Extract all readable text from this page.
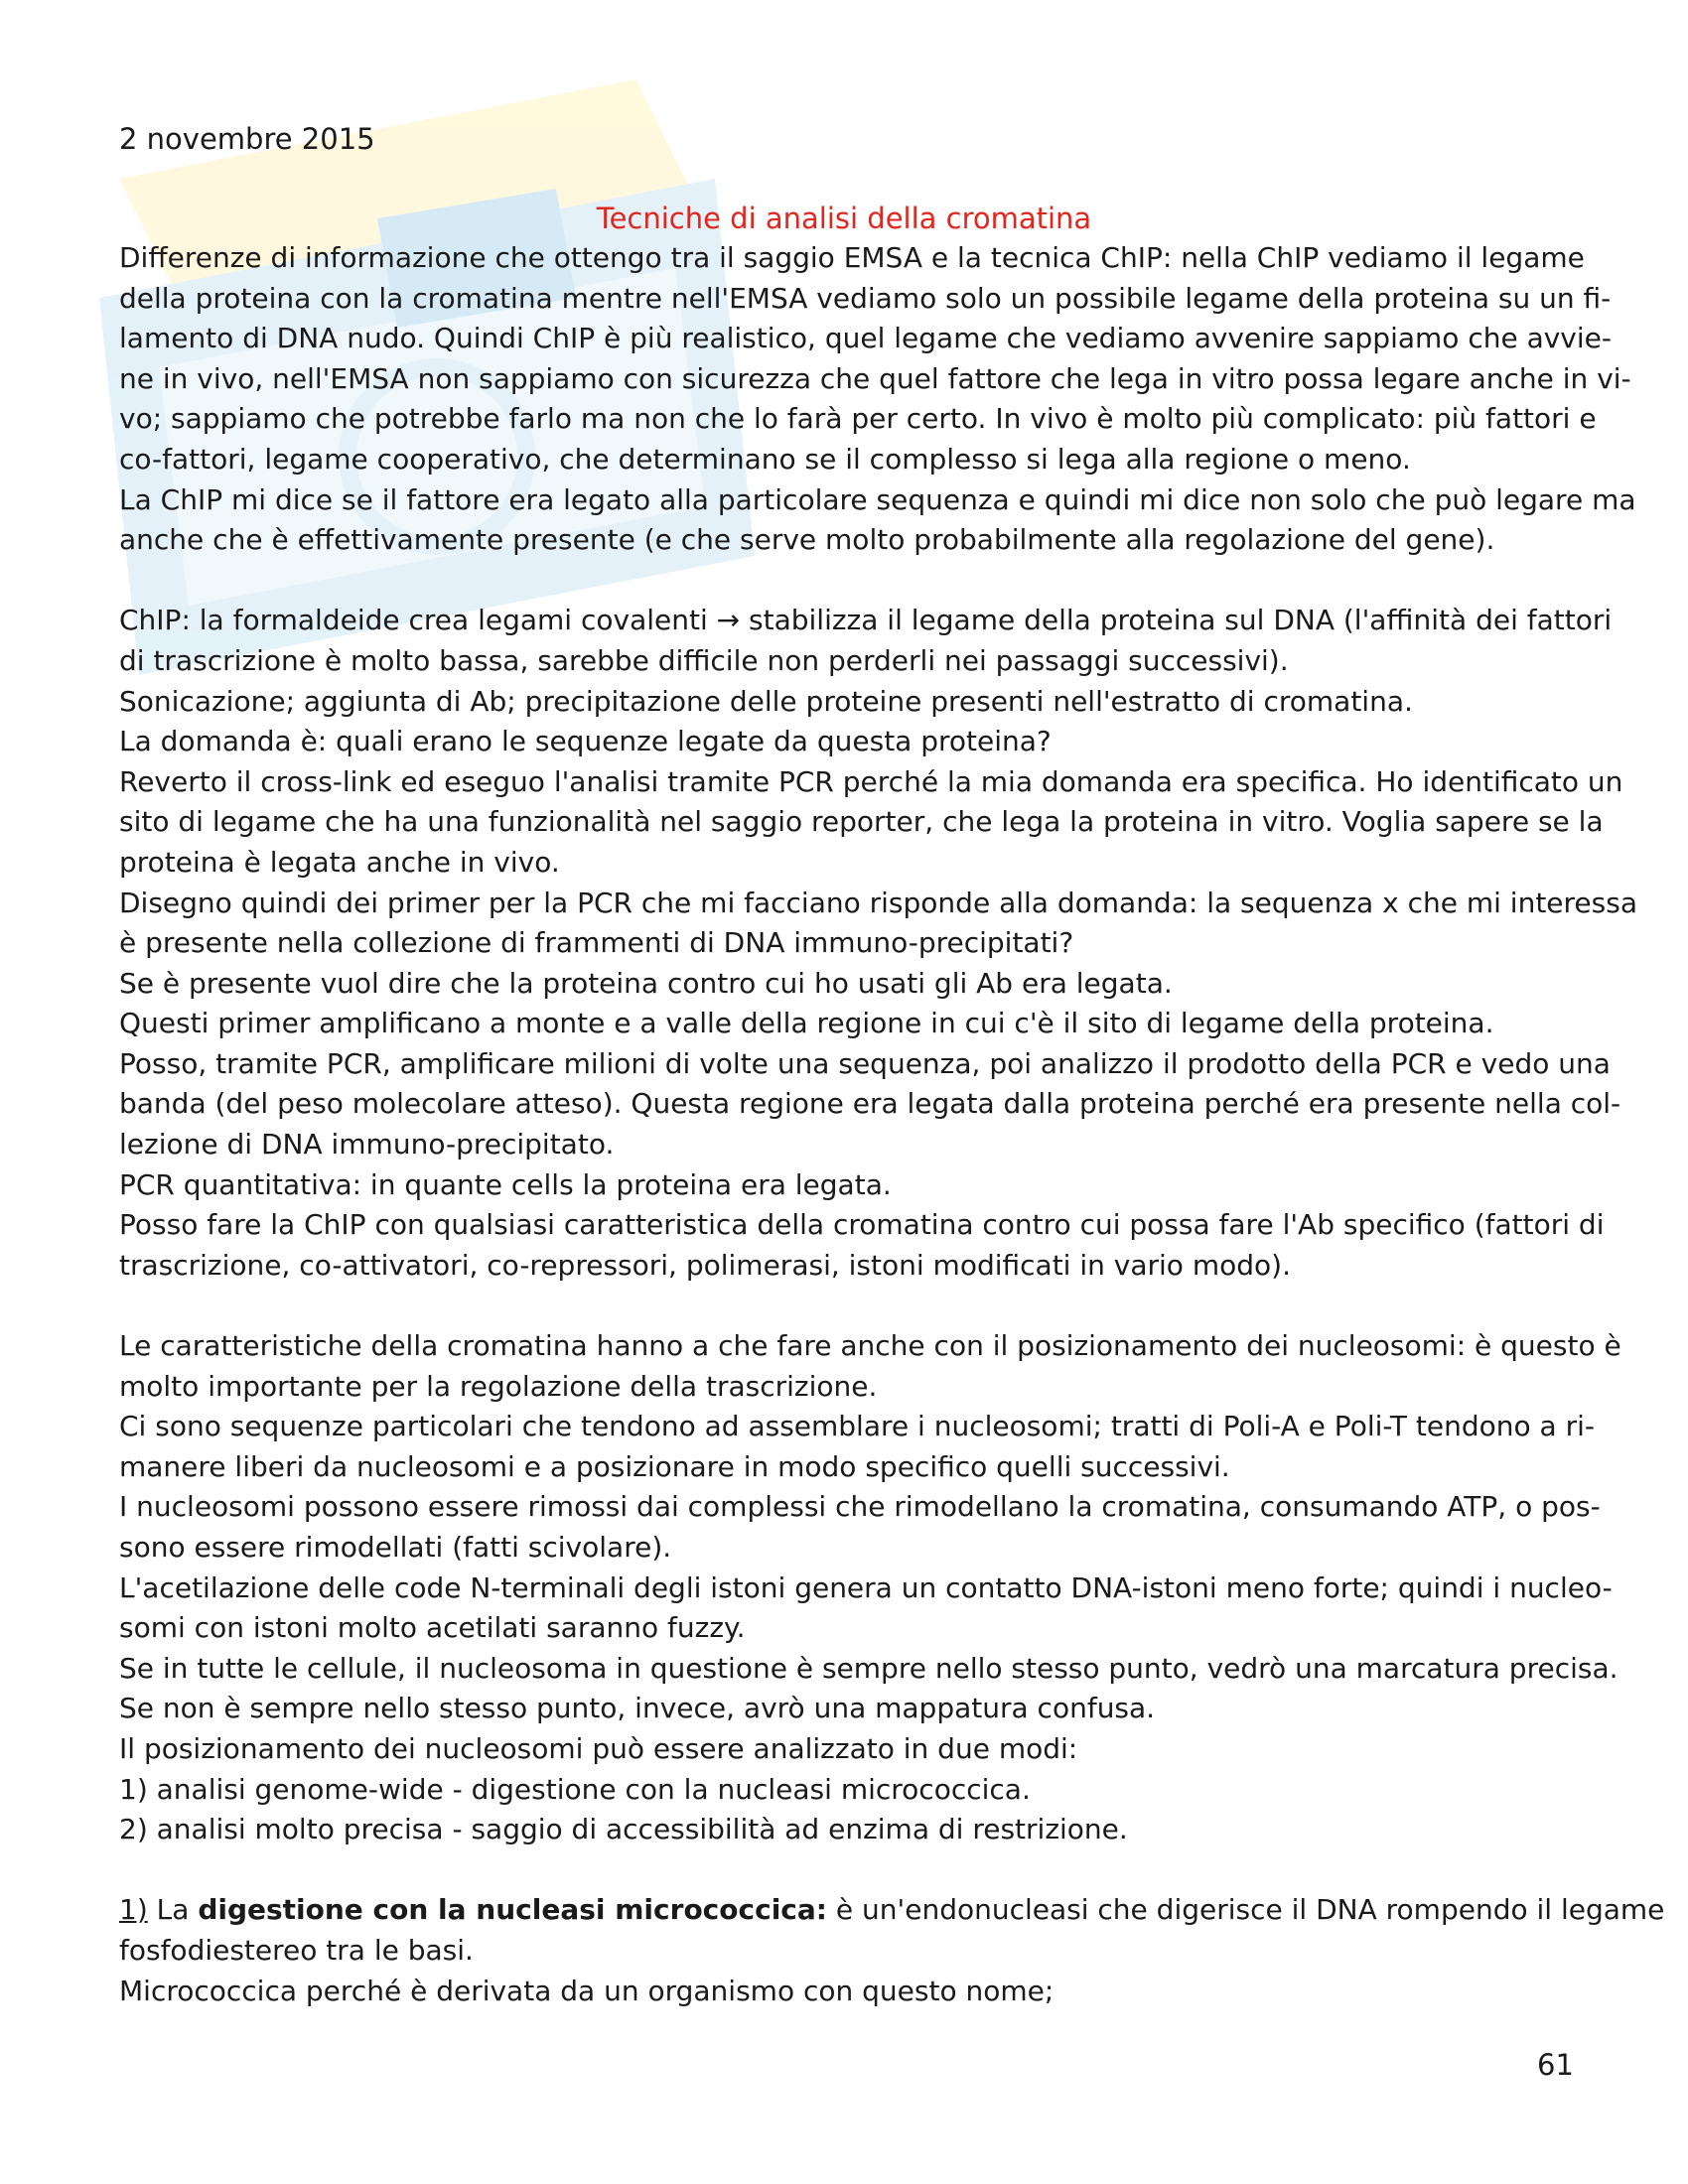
2 novembre 2015
Tecniche di analisi della cromatina
Differenze di informazione che ottengo tra il saggio EMSA e la tecnica ChIP: nella ChIP vediamo il legame
della proteina con la cromatina mentre nell'EMSA vediamo solo un possibile legame della proteina su un fi-
lamento di DNA nudo. Quindi ChIP è più realistico, quel legame che vediamo avvenire sappiamo che avvie-
ne in vivo, nell'EMSA non sappiamo con sicurezza che quel fattore che lega in vitro possa legare anche in vi-
vo; sappiamo che potrebbe farlo ma non che lo farà per certo. In vivo è molto più complicato: più fattori e
co-fattori, legame cooperativo, che determinano se il complesso si lega alla regione o meno.
La ChIP mi dice se il fattore era legato alla particolare sequenza e quindi mi dice non solo che può legare ma
anche che è effettivamente presente (e che serve molto probabilmente alla regolazione del gene).
ChIP: la formaldeide crea legami covalenti → stabilizza il legame della proteina sul DNA (l'affinità dei fattori
di trascrizione è molto bassa, sarebbe difficile non perderli nei passaggi successivi).
Sonicazione; aggiunta di Ab; precipitazione delle proteine presenti nell'estratto di cromatina.
La domanda è: quali erano le sequenze legate da questa proteina?
Reverto il cross-link ed eseguo l'analisi tramite PCR perché la mia domanda era specifica. Ho identificato un
sito di legame che ha una funzionalità nel saggio reporter, che lega la proteina in vitro. Voglia sapere se la
proteina è legata anche in vivo.
Disegno quindi dei primer per la PCR che mi facciano risponde alla domanda: la sequenza x che mi interessa
è presente nella collezione di frammenti di DNA immuno-precipitati?
Se è presente vuol dire che la proteina contro cui ho usati gli Ab era legata.
Questi primer amplificano a monte e a valle della regione in cui c'è il sito di legame della proteina.
Posso, tramite PCR, amplificare milioni di volte una sequenza, poi analizzo il prodotto della PCR e vedo una
banda (del peso molecolare atteso). Questa regione era legata dalla proteina perché era presente nella col-
lezione di DNA immuno-precipitato.
PCR quantitativa: in quante cells la proteina era legata.
Posso fare la ChIP con qualsiasi caratteristica della cromatina contro cui possa fare l'Ab specifico (fattori di
trascrizione, co-attivatori, co-repressori, polimerasi, istoni modificati in vario modo).
Le caratteristiche della cromatina hanno a che fare anche con il posizionamento dei nucleosomi: è questo è
molto importante per la regolazione della trascrizione.
Ci sono sequenze particolari che tendono ad assemblare i nucleosomi; tratti di Poli-A e Poli-T tendono a ri-
manere liberi da nucleosomi e a posizionare in modo specifico quelli successivi.
I nucleosomi possono essere rimossi dai complessi che rimodellano la cromatina, consumando ATP, o pos-
sono essere rimodellati (fatti scivolare).
L'acetilazione delle code N-terminali degli istoni genera un contatto DNA-istoni meno forte; quindi i nucleo-
somi con istoni molto acetilati saranno fuzzy.
Se in tutte le cellule, il nucleosoma in questione è sempre nello stesso punto, vedrò una marcatura precisa.
Se non è sempre nello stesso punto, invece, avrò una mappatura confusa.
Il posizionamento dei nucleosomi può essere analizzato in due modi:
1) analisi genome-wide - digestione con la nucleasi micrococcica.
2) analisi molto precisa - saggio di accessibilità ad enzima di restrizione.
1) La digestione con la nucleasi micrococcica: è un'endonucleasi che digerisce il DNA rompendo il legame
fosfodiestereo tra le basi.
Micrococcica perché è derivata da un organismo con questo nome;
61
